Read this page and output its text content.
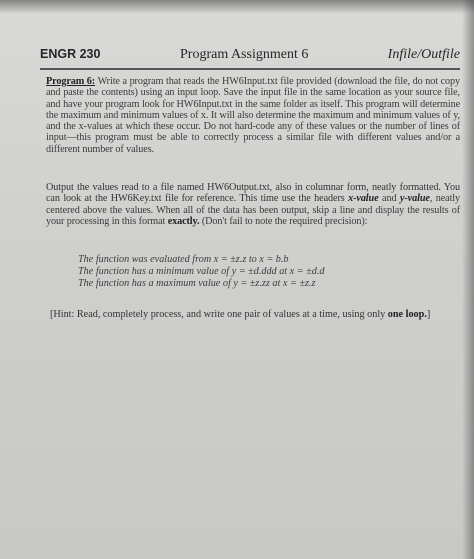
ENGR 230	Program Assignment 6	Infile/Outfile
Program 6: Write a program that reads the HW6Input.txt file provided (download the file, do not copy and paste the contents) using an input loop. Save the input file in the same location as your source file, and have your program look for HW6Input.txt in the same folder as itself. This program will determine the maximum and minimum values of x. It will also determine the maximum and minimum values of y, and the x-values at which these occur. Do not hard-code any of these values or the number of lines of input—this program must be able to correctly process a similar file with different values and/or a different number of values.
Output the values read to a file named HW6Output.txt, also in columnar form, neatly formatted. You can look at the HW6Key.txt file for reference. This time use the headers x-value and y-value, neatly centered above the values. When all of the data has been output, skip a line and display the results of your processing in this format exactly. (Don't fail to note the required precision):
The function was evaluated from x = ±z.z to x = b.b
The function has a minimum value of y = ±d.ddd at x = ±d.d
The function has a maximum value of y = ±z.zz at x = ±z.z
[Hint: Read, completely process, and write one pair of values at a time, using only one loop.]
